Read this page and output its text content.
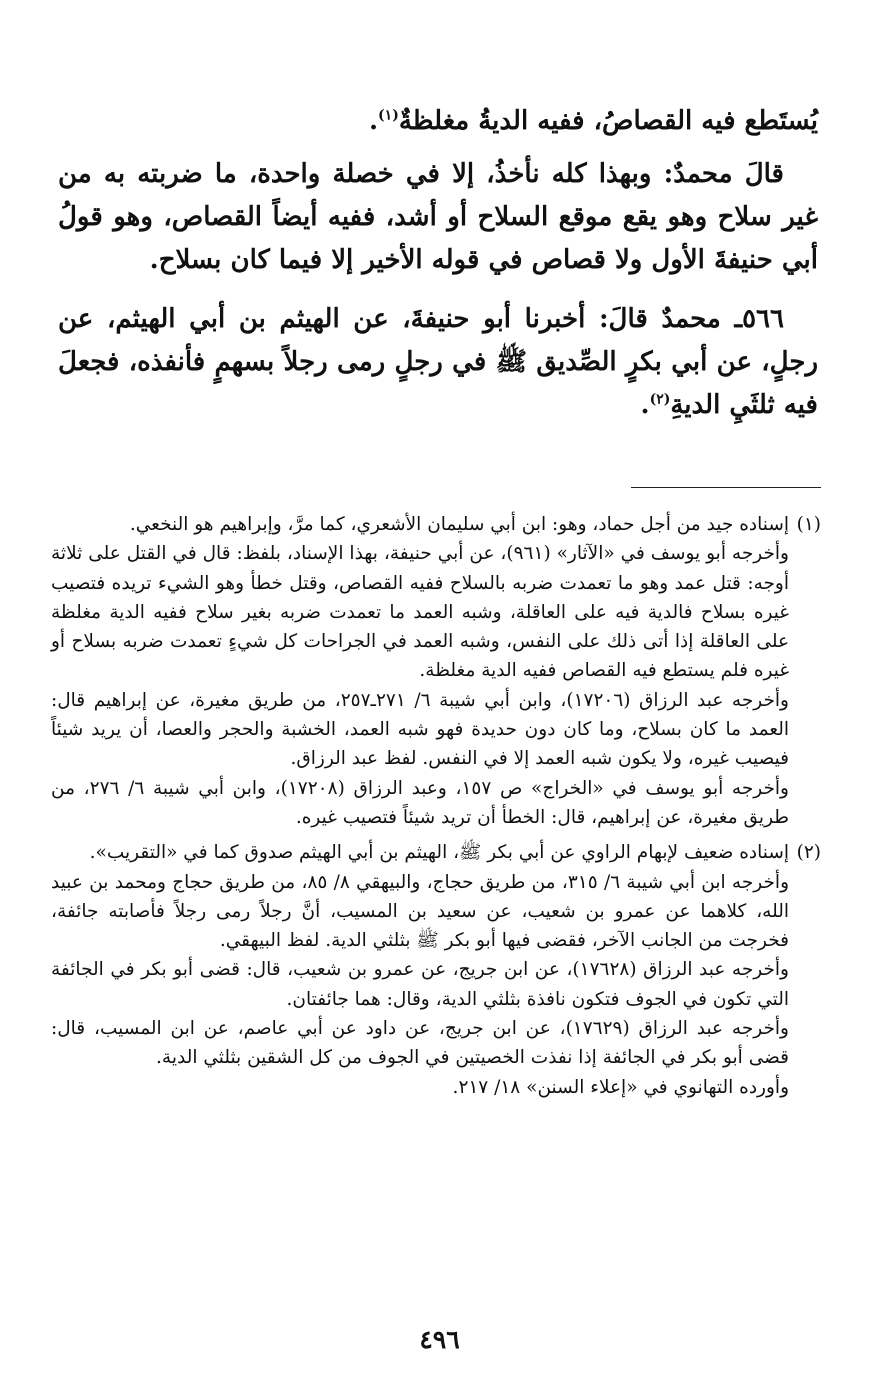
يُستَطع فيه القصاصُ، ففيه الديةُ مغلظةٌ$^{(١)}$.

قالَ محمدٌ: وبهذا كله نأخذُ، إلا في خصلة واحدة، ما ضربته به من غير سلاح وهو يقع موقع السلاح أو أشد، ففيه أيضاً القصاص، وهو قولُ أبي حنيفةَ الأول ولا قصاص في قوله الأخير إلا فيما كان بسلاح.

٥٦٦ـ محمدٌ قالَ: أخبرنا أبو حنيفةَ، عن الهيثم بن أبي الهيثم، عن رجلٍ، عن أبي بكرٍ الصِّديق ﷺ في رجلٍ رمى رجلاً بسهمٍ فأنفذه، فجعلَ فيه ثلثَيِ الديةِ$^{(٢)}$.

(١)

إسناده جيد من أجل حماد، وهو: ابن أبي سليمان الأشعري، كما مرَّ، وإبراهيم هو النخعي.

وأخرجه أبو يوسف في «الآثار» (٩٦١)، عن أبي حنيفة، بهذا الإسناد، بلفظ: قال في القتل على ثلاثة أوجه: قتل عمد وهو ما تعمدت ضربه بالسلاح ففيه القصاص، وقتل خطأ وهو الشيء تريده فتصيب غيره بسلاح فالدية فيه على العاقلة، وشبه العمد ما تعمدت ضربه بغير سلاح ففيه الدية مغلظة على العاقلة إذا أتى ذلك على النفس، وشبه العمد في الجراحات كل شيءٍ تعمدت ضربه بسلاح أو غيره فلم يستطع فيه القصاص ففيه الدية مغلظة.

وأخرجه عبد الرزاق (١٧٢٠٦)، وابن أبي شيبة ٦/ ٢٧١ـ٢٥٧، من طريق مغيرة، عن إبراهيم قال: العمد ما كان بسلاح، وما كان دون حديدة فهو شبه العمد، الخشبة والحجر والعصا، أن يريد شيئاً فيصيب غيره، ولا يكون شبه العمد إلا في النفس. لفظ عبد الرزاق.

وأخرجه أبو يوسف في «الخراج» ص ١٥٧، وعبد الرزاق (١٧٢٠٨)، وابن أبي شيبة ٦/ ٢٧٦، من طريق مغيرة، عن إبراهيم، قال: الخطأ أن تريد شيئاً فتصيب غيره.

(٢)

إسناده ضعيف لإبهام الراوي عن أبي بكر ﷺ، الهيثم بن أبي الهيثم صدوق كما في «التقريب».

وأخرجه ابن أبي شيبة ٦/ ٣١٥، من طريق حجاج، والبيهقي ٨/ ٨٥، من طريق حجاج ومحمد بن عبيد الله، كلاهما عن عمرو بن شعيب، عن سعيد بن المسيب، أنَّ رجلاً رمى رجلاً فأصابته جائفة، فخرجت من الجانب الآخر، فقضى فيها أبو بكر ﷺ بثلثي الدية. لفظ البيهقي.

وأخرجه عبد الرزاق (١٧٦٢٨)، عن ابن جريج، عن عمرو بن شعيب، قال: قضى أبو بكر في الجائفة التي تكون في الجوف فتكون نافذة بثلثي الدية، وقال: هما جائفتان.

وأخرجه عبد الرزاق (١٧٦٢٩)، عن ابن جريج، عن داود عن أبي عاصم، عن ابن المسيب، قال: قضى أبو بكر في الجائفة إذا نفذت الخصيتين في الجوف من كل الشقين بثلثي الدية.

وأورده التهانوي في «إعلاء السنن» ١٨/ ٢١٧.

٤٩٦
